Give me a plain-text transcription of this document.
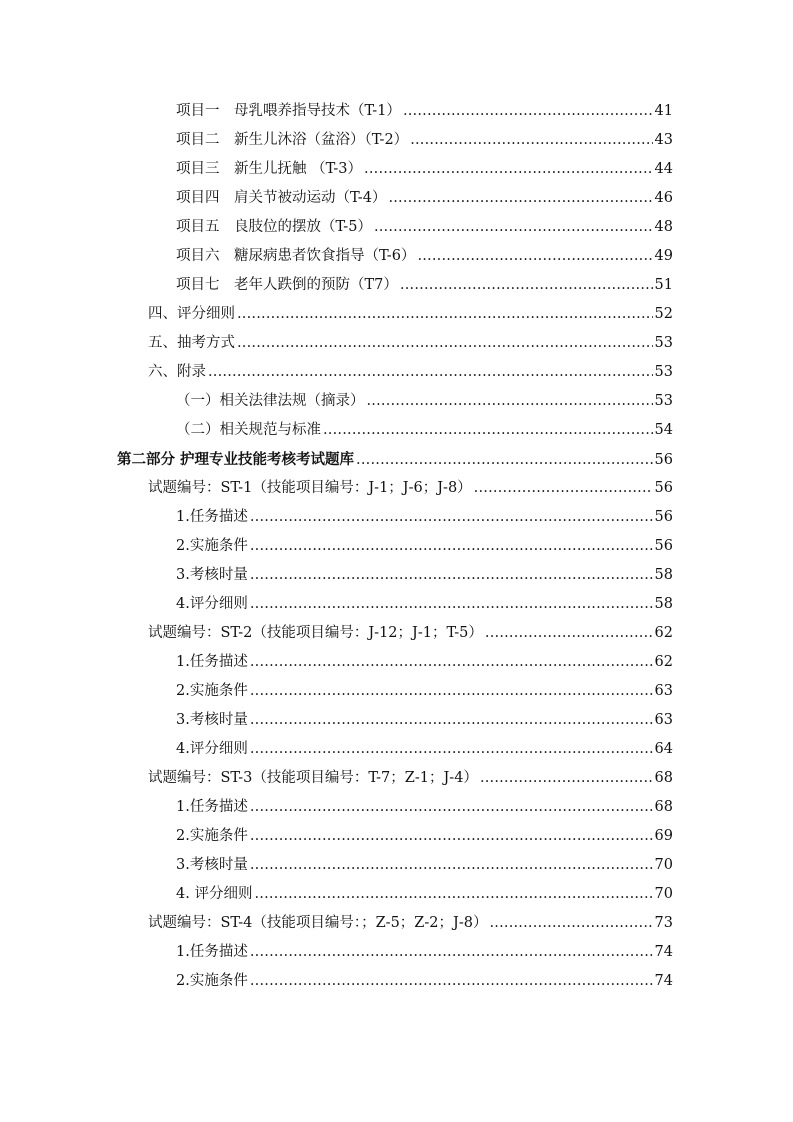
项目一　母乳喂养指导技术（T-1） .....	41
项目二　新生儿沐浴（盆浴）（T-2） .....	43
项目三　新生儿抚触 （T-3） .....	44
项目四　肩关节被动运动（T-4） .....	46
项目五　良肢位的摆放（T-5） .....	48
项目六　糖尿病患者饮食指导（T-6） .....	49
项目七　老年人跌倒的预防（T7） .....	51
四、评分细则 .....	52
五、抽考方式 .....	53
六、附录 .....	53
（一）相关法律法规（摘录） .....	53
（二）相关规范与标准 .....	54
第二部分 护理专业技能考核考试题库 .....	56
试题编号：ST-1（技能项目编号：J-1；J-6；J-8） .....	56
1.任务描述 .....	56
2.实施条件 .....	56
3.考核时量 .....	58
4.评分细则 .....	58
试题编号：ST-2（技能项目编号：J-12；J-1；T-5） .....	62
1.任务描述 .....	62
2.实施条件 .....	63
3.考核时量 .....	63
4.评分细则 .....	64
试题编号：ST-3（技能项目编号：T-7；Z-1；J-4） .....	68
1.任务描述 .....	68
2.实施条件 .....	69
3.考核时量 .....	70
4. 评分细则 .....	70
试题编号：ST-4（技能项目编号：；Z-5；Z-2；J-8） .....	73
1.任务描述 .....	74
2.实施条件 .....	74
